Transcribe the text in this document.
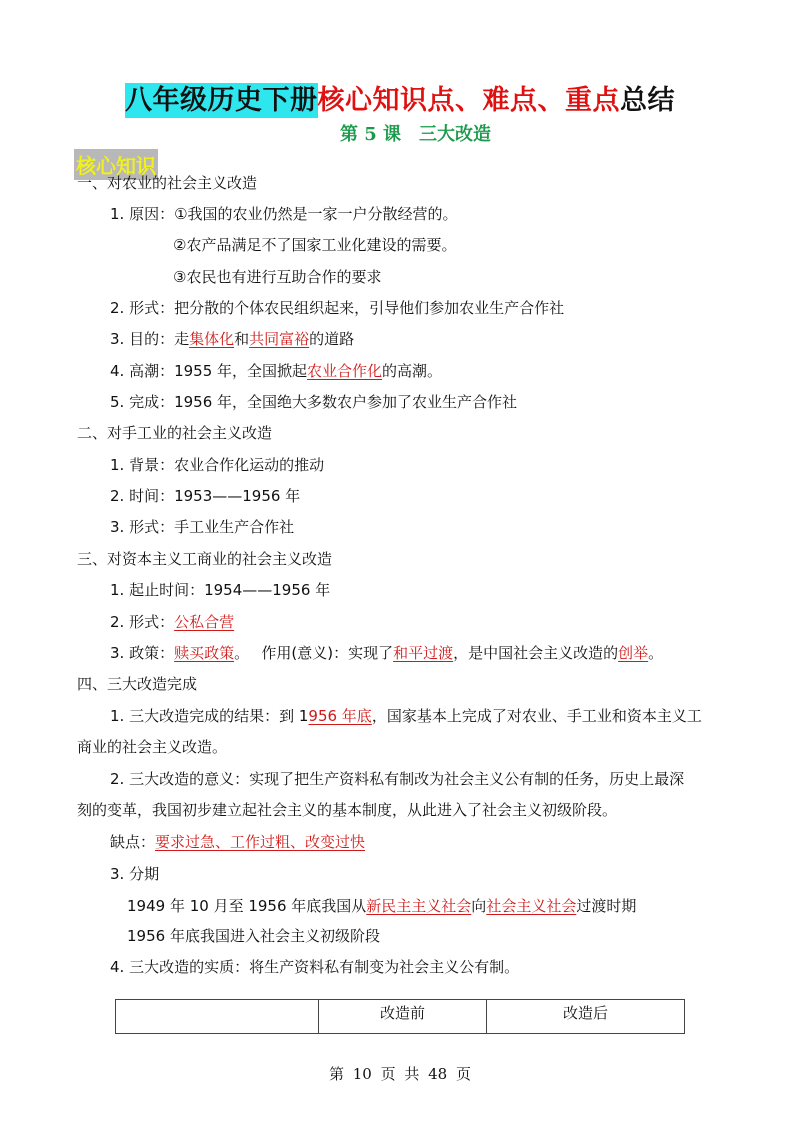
八年级历史下册核心知识点、难点、重点总结
第 5 课　三大改造
核心知识
一、对农业的社会主义改造
1. 原因：①我国的农业仍然是一家一户分散经营的。
②农产品满足不了国家工业化建设的需要。
③农民也有进行互助合作的要求
2. 形式：把分散的个体农民组织起来，引导他们参加农业生产合作社
3. 目的：走集体化和共同富裕的道路
4. 高潮：1955 年，全国掀起农业合作化的高潮。
5. 完成：1956 年，全国绝大多数农户参加了农业生产合作社
二、对手工业的社会主义改造
1. 背景：农业合作化运动的推动
2. 时间：1953——1956 年
3. 形式：手工业生产合作社
三、对资本主义工商业的社会主义改造
1. 起止时间：1954——1956 年
2. 形式：公私合营
3. 政策：赎买政策。　 作用(意义)：实现了和平过渡，是中国社会主义改造的创举。
四、三大改造完成
1. 三大改造完成的结果：到 1956 年底，国家基本上完成了对农业、手工业和资本主义工
商业的社会主义改造。
2. 三大改造的意义：实现了把生产资料私有制改为社会主义公有制的任务，历史上最深
刻的变革，我国初步建立起社会主义的基本制度，从此进入了社会主义初级阶段。
缺点：要求过急、工作过粗、改变过快
3. 分期
1949 年 10 月至 1956 年底我国从新民主主义社会向社会主义社会过渡时期
1956 年底我国进入社会主义初级阶段
4. 三大改造的实质：将生产资料私有制变为社会主义公有制。
	改造前	改造后
第 10 页 共 48 页
